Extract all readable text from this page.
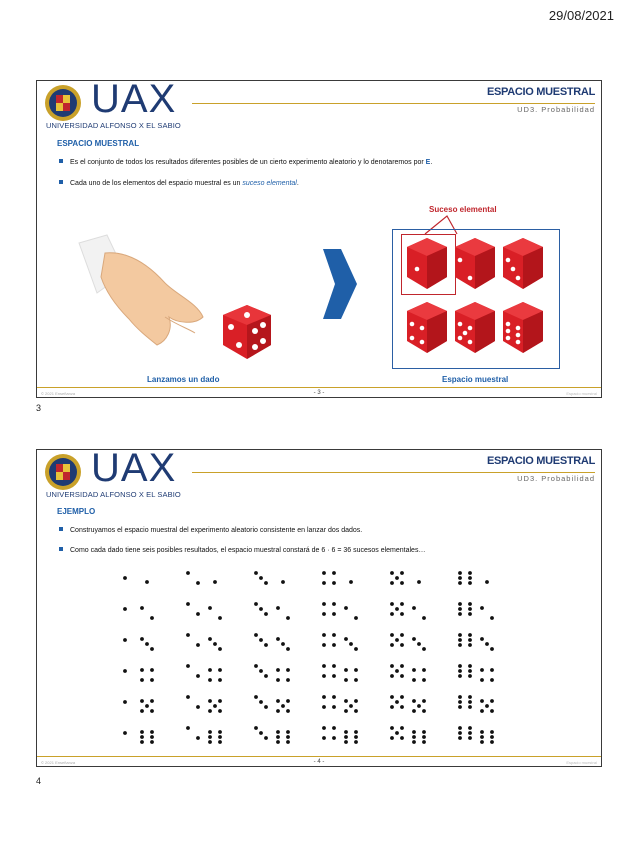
29/08/2021
UAX
UNIVERSIDAD ALFONSO X EL SABIO
ESPACIO MUESTRAL
UD3. Probabilidad
ESPACIO MUESTRAL
Es el conjunto de todos los resultados diferentes posibles de un cierto experimento aleatorio y lo denotaremos por E.
Cada uno de los elementos del espacio muestral es un suceso elemental.
Suceso elemental
Lanzamos un dado	Espacio muestral
© 2021 Enseñanza	- 3 -	Espacio muestral
3
UAX
UNIVERSIDAD ALFONSO X EL SABIO
ESPACIO MUESTRAL
UD3. Probabilidad
EJEMPLO
Construyamos el espacio muestral del experimento aleatorio consistente en lanzar dos dados.
Como cada dado tiene seis posibles resultados, el espacio muestral constará de 6 · 6 = 36 sucesos elementales…
© 2021 Enseñanza	- 4 -	Espacio muestral
4
